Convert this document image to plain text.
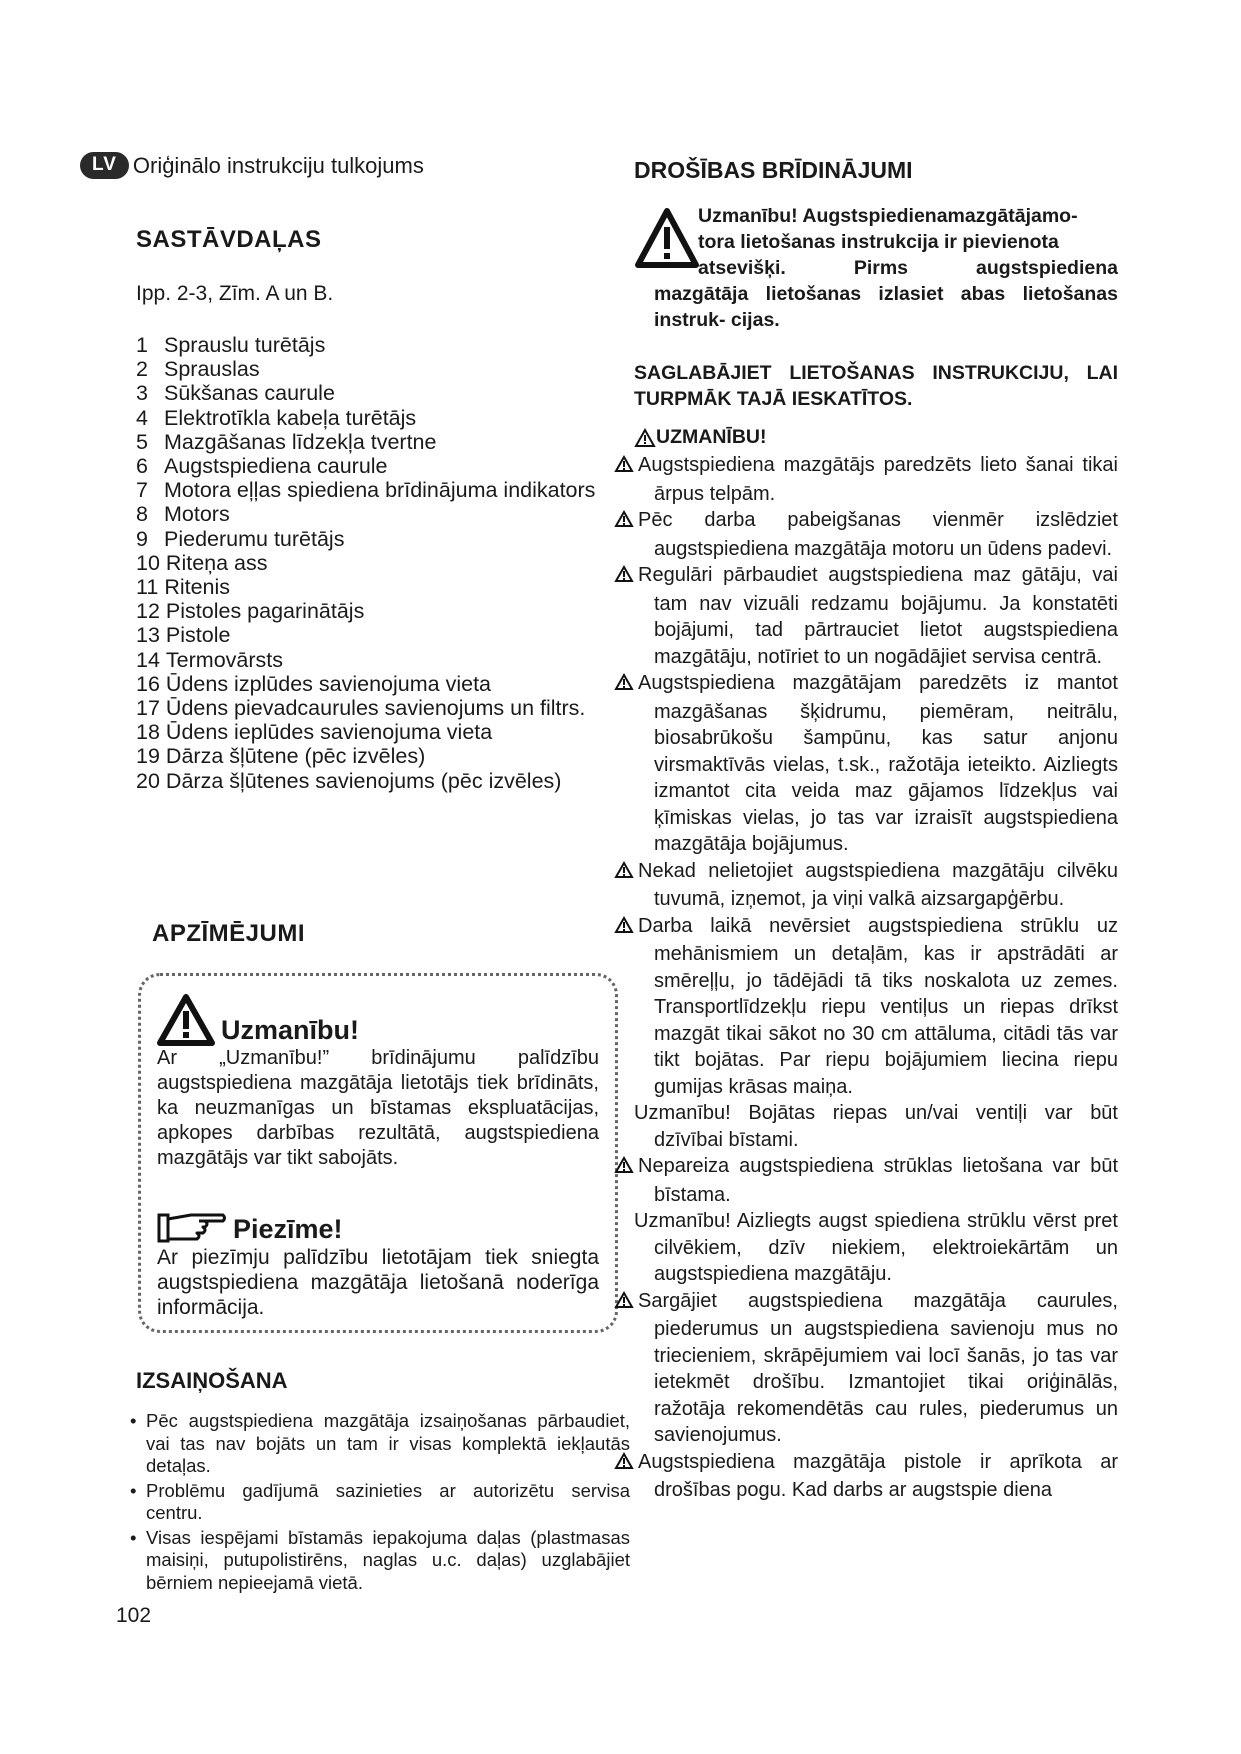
LV Oriģinālo instrukciju tulkojums
SASTĀVDAĻAS
Ipp. 2-3, Zīm. A un B.
1 Sprauslu turētājs
2 Sprauslas
3 Sūkšanas caurule
4 Elektrotīkla kabeļa turētājs
5 Mazgāšanas līdzekļa tvertne
6 Augstspiediena caurule
7 Motora eļļas spiediena brīdinājuma indikators
8 Motors
9 Piederumu turētājs
10 Riteņa ass
11 Ritenis
12 Pistoles pagarinātājs
13 Pistole
14 Termovārsts
16 Ūdens izplūdes savienojuma vieta
17 Ūdens pievadcaurules savienojums un filtrs.
18 Ūdens ieplūdes savienojuma vieta
19 Dārza šļūtene (pēc izvēles)
20 Dārza šļūtenes savienojums (pēc izvēles)
APZĪMĒJUMI
Uzmanību!
Ar „Uzmanību!” brīdinājumu palīdzību augstspiediena mazgātāja lietotājs tiek brīdināts, ka neuzmanīgas un bīstamas ekspluatācijas, apkopes darbības rezultātā, augstspiediena mazgātājs var tikt sabojāts.
Piezīme!
Ar piezīmju palīdzību lietotājam tiek sniegta augstspiediena mazgātāja lietošanā noderīga informācija.
IZSAIŅOŠANA
• Pēc augstspiediena mazgātāja izsaiņošanas pārbaudiet, vai tas nav bojāts un tam ir visas komplektā iekļautās detaļas.
• Problēmu gadījumā sazinieties ar autorizētu servisa centru.
• Visas iespējami bīstamās iepakojuma daļas (plastmasas maisiņi, putupolistirēns, naglas u.c. daļas) uzglabājiet bērniem nepieejamā vietā.
102
DROŠĪBAS BRĪDINĀJUMI
Uzmanību! Augstspiedienamazgātājamo-
tora lietošanas instrukcija ir pievienota
atsevišķi. Pirms augstspiediena
mazgātāja lietošanas izlasiet abas lietošanas instruk- cijas.
SAGLABĀJIET LIETOŠANAS INSTRUKCIJU, LAI TURPMĀK TAJĀ IESKATĪTOS.
UZMANĪBU!

Augstspiediena mazgātājs paredzēts lieto šanai tikai ārpus telpām.

Pēc darba pabeigšanas vienmēr izslēdziet augstspiediena mazgātāja motoru un ūdens padevi.

Regulāri pārbaudiet augstspiediena maz gātāju, vai tam nav vizuāli redzamu bojājumu. Ja konstatēti bojājumi, tad pārtrauciet lietot augstspiediena mazgātāju, notīriet to un nogādājiet servisa centrā.

Augstspiediena mazgātājam paredzēts iz mantot mazgāšanas šķidrumu, piemēram, neitrālu, biosabrūkošu šampūnu, kas satur anjonu virsmaktīvās vielas, t.sk., ražotāja ieteikto. Aizliegts izmantot cita veida maz gājamos līdzekļus vai ķīmiskas vielas, jo tas var izraisīt augstspiediena mazgātāja bojājumus.

Nekad nelietojiet augstspiediena mazgātāju cilvēku tuvumā, izņemot, ja viņi valkā aizsargapģērbu.

Darba laikā nevērsiet augstspiediena strūklu uz mehānismiem un detaļām, kas ir apstrādāti ar smēreļļu, jo tādējādi tā tiks noskalota uz zemes. Transportlīdzekļu riepu ventiļus un riepas drīkst mazgāt tikai sākot no 30 cm attāluma, citādi tās var tikt bojātas. Par riepu bojājumiem liecina riepu gumijas krāsas maiņa.

Uzmanību! Bojātas riepas un/vai ventiļi var būt dzīvībai bīstami.

Nepareiza augstspiediena strūklas lietošana var būt bīstama.

Uzmanību! Aizliegts augst spiediena strūklu vērst pret cilvēkiem, dzīv niekiem, elektroiekārtām un augstspiediena mazgātāju.

Sargājiet augstspiediena mazgātāja caurules, piederumus un augstspiediena savienoju mus no triecieniem, skrāpējumiem vai locī šanās, jo tas var ietekmēt drošību. Izmantojiet tikai oriģinālās, ražotāja rekomendētās cau rules, piederumus un savienojumus.

Augstspiediena mazgātāja pistole ir aprīkota ar drošības pogu. Kad darbs ar augstspie diena
